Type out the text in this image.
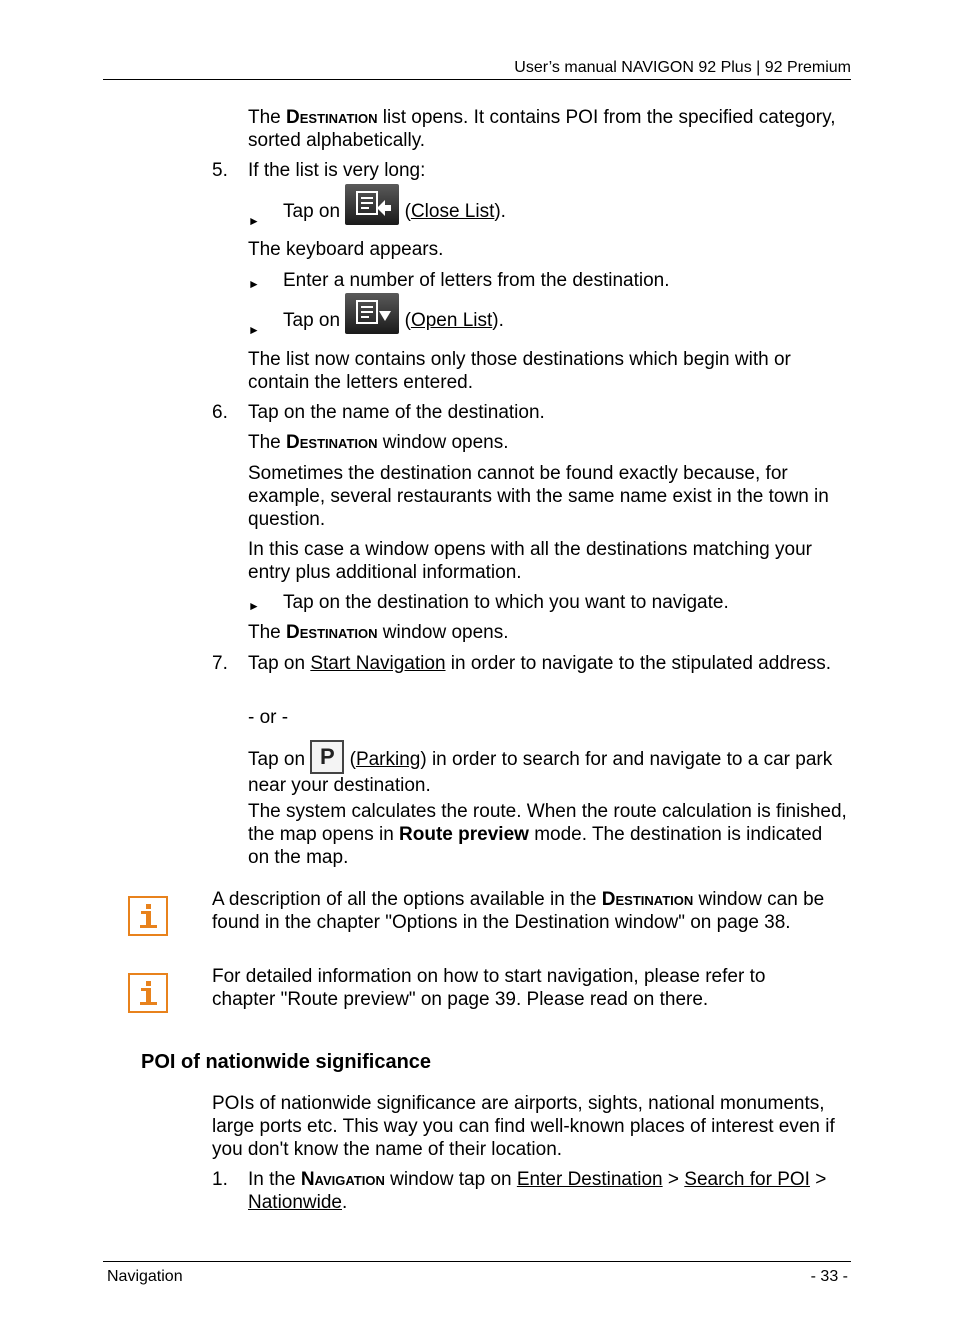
User’s manual NAVIGON 92 Plus | 92 Premium
The Destination list opens. It contains POI from the specified category, sorted alphabetically.
5. If the list is very long:
► Tap on	(Close List).
The keyboard appears.
► Enter a number of letters from the destination.
► Tap on	(Open List).
The list now contains only those destinations which begin with or contain the letters entered.
6. Tap on the name of the destination.
The Destination window opens.
Sometimes the destination cannot be found exactly because, for example, several restaurants with the same name exist in the town in question.
In this case a window opens with all the destinations matching your entry plus additional information.
► Tap on the destination to which you want to navigate.
The Destination window opens.
7. Tap on Start Navigation in order to navigate to the stipulated address.
- or -
Tap on P (Parking) in order to search for and navigate to a car park near your destination.
The system calculates the route. When the route calculation is finished, the map opens in Route preview mode. The destination is indicated on the map.
A description of all the options available in the Destination window can be found in the chapter "Options in the Destination window" on page 38.
For detailed information on how to start navigation, please refer to chapter "Route preview" on page 39. Please read on there.
POI of nationwide significance
POIs of nationwide significance are airports, sights, national monuments, large ports etc. This way you can find well-known places of interest even if you don't know the name of their location.
1. In the Navigation window tap on Enter Destination > Search for POI > Nationwide.
Navigation	- 33 -
